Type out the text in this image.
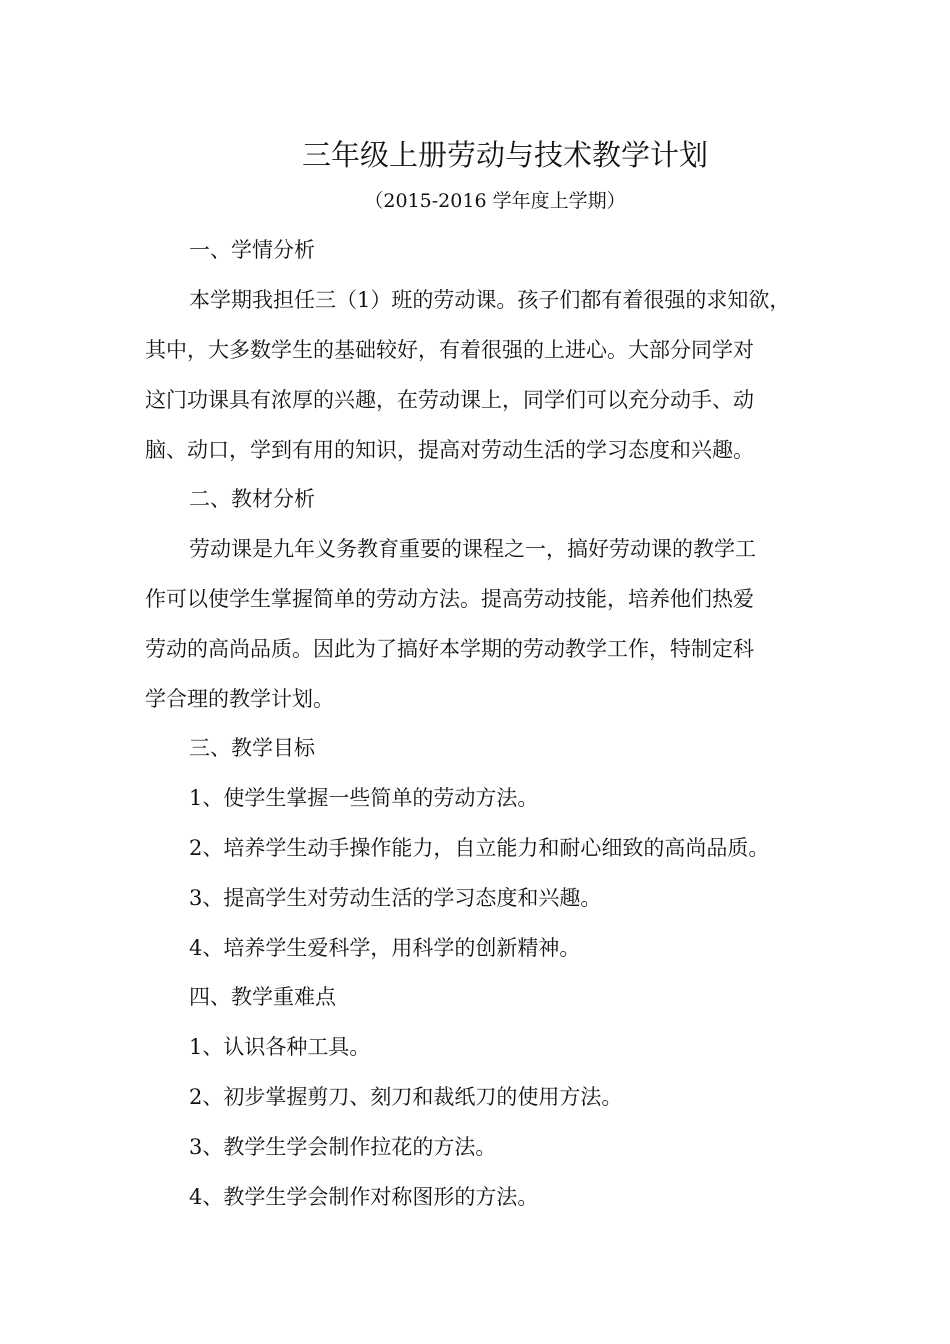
三年级上册劳动与技术教学计划
（2015-2016 学年度上学期）
一、学情分析
本学期我担任三（1）班的劳动课。孩子们都有着很强的求知欲，
其中，大多数学生的基础较好，有着很强的上进心。大部分同学对
这门功课具有浓厚的兴趣，在劳动课上，同学们可以充分动手、动
脑、动口，学到有用的知识，提高对劳动生活的学习态度和兴趣。
二、教材分析
劳动课是九年义务教育重要的课程之一，搞好劳动课的教学工
作可以使学生掌握简单的劳动方法。提高劳动技能，培养他们热爱
劳动的高尚品质。因此为了搞好本学期的劳动教学工作，特制定科
学合理的教学计划。
三、教学目标
1、使学生掌握一些简单的劳动方法。
2、培养学生动手操作能力，自立能力和耐心细致的高尚品质。
3、提高学生对劳动生活的学习态度和兴趣。
4、培养学生爱科学，用科学的创新精神。
四、教学重难点
1、认识各种工具。
2、初步掌握剪刀、刻刀和裁纸刀的使用方法。
3、教学生学会制作拉花的方法。
4、教学生学会制作对称图形的方法。
